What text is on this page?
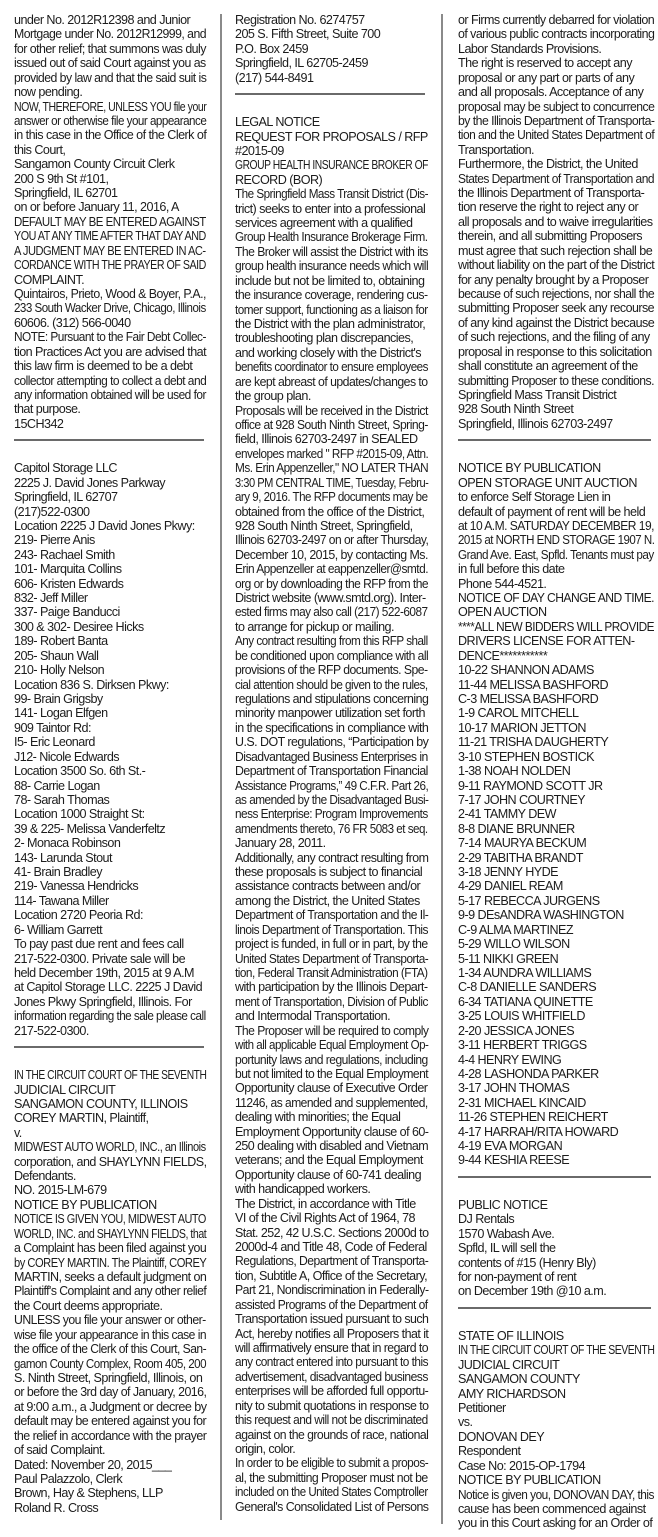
under No. 2012R12398 and Junior
Mortgage under No. 2012R12999, and
for other relief; that summons was duly
issued out of said Court against you as
provided by law and that the said suit is
now pending.
NOW, THEREFORE, UNLESS YOU file your
answer or otherwise file your appearance
in this case in the Office of the Clerk of
this Court,
Sangamon County Circuit Clerk
200 S 9th St #101,
Springfield, IL 62701
on or before January 11, 2016, A
DEFAULT MAY BE ENTERED AGAINST
YOU AT ANY TIME AFTER THAT DAY AND
A JUDGMENT MAY BE ENTERED IN AC-
CORDANCE WITH THE PRAYER OF SAID
COMPLAINT.
Quintairos, Prieto, Wood & Boyer, P.A.,
233 South Wacker Drive, Chicago, Illinois
60606. (312) 566-0040
NOTE: Pursuant to the Fair Debt Collec-
tion Practices Act you are advised that
this law firm is deemed to be a debt
collector attempting to collect a debt and
any information obtained will be used for
that purpose.
15CH342
Capitol Storage LLC
2225 J. David Jones Parkway
Springfield, IL 62707
(217)522-0300
Location 2225 J David Jones Pkwy:
219- Pierre Anis
243- Rachael Smith
101- Marquita Collins
606- Kristen Edwards
832- Jeff Miller
337- Paige Banducci
300 & 302- Desiree Hicks
189- Robert Banta
205- Shaun Wall
210- Holly Nelson
Location 836 S. Dirksen Pkwy:
99- Brain Grigsby
141- Logan Elfgen
909 Taintor Rd:
I5- Eric Leonard
J12- Nicole Edwards
Location 3500 So. 6th St.-
88- Carrie Logan
78- Sarah Thomas
Location 1000 Straight St:
39 & 225- Melissa Vanderfeltz
2- Monaca Robinson
143- Larunda Stout
41- Brain Bradley
219- Vanessa Hendricks
114- Tawana Miller
Location 2720 Peoria Rd:
6- William Garrett
To pay past due rent and fees call
217-522-0300. Private sale will be
held December 19th, 2015 at 9 A.M
at Capitol Storage LLC. 2225 J David
Jones Pkwy Springfield, Illinois. For
information regarding the sale please call
217-522-0300.
IN THE CIRCUIT COURT OF THE SEVENTH
JUDICIAL CIRCUIT
SANGAMON COUNTY, ILLINOIS
COREY MARTIN, Plaintiff,
v.
MIDWEST AUTO WORLD, INC., an Illinois
corporation, and SHAYLYNN FIELDS,
Defendants.
NO. 2015-LM-679
NOTICE BY PUBLICATION
NOTICE IS GIVEN YOU, MIDWEST AUTO
WORLD, INC. and SHAYLYNN FIELDS, that
a Complaint has been filed against you
by COREY MARTIN. The Plaintiff, COREY
MARTIN, seeks a default judgment on
Plaintiff's Complaint and any other relief
the Court deems appropriate.
UNLESS you file your answer or other-
wise file your appearance in this case in
the office of the Clerk of this Court, San-
gamon County Complex, Room 405, 200
S. Ninth Street, Springfield, Illinois, on
or before the 3rd day of January, 2016,
at 9:00 a.m., a Judgment or decree by
default may be entered against you for
the relief in accordance with the prayer
of said Complaint.
Dated: November 20, 2015___
Paul Palazzolo, Clerk
Brown, Hay & Stephens, LLP
Roland R. Cross
Registration No. 6274757
205 S. Fifth Street, Suite 700
P.O. Box 2459
Springfield, IL 62705-2459
(217) 544-8491
LEGAL NOTICE
REQUEST FOR PROPOSALS / RFP
#2015-09
GROUP HEALTH INSURANCE BROKER OF
RECORD (BOR)
The Springfield Mass Transit District (Dis-
trict) seeks to enter into a professional
services agreement with a qualified
Group Health Insurance Brokerage Firm.
The Broker will assist the District with its
group health insurance needs which will
include but not be limited to, obtaining
the insurance coverage, rendering cus-
tomer support, functioning as a liaison for
the District with the plan administrator,
troubleshooting plan discrepancies,
and working closely with the District's
benefits coordinator to ensure employees
are kept abreast of updates/changes to
the group plan.
Proposals will be received in the District
office at 928 South Ninth Street, Spring-
field, Illinois 62703-2497 in SEALED
envelopes marked " RFP #2015-09, Attn.
Ms. Erin Appenzeller," NO LATER THAN
3:30 PM CENTRAL TIME, Tuesday, Febru-
ary 9, 2016. The RFP documents may be
obtained from the office of the District,
928 South Ninth Street, Springfield,
Illinois 62703-2497 on or after Thursday,
December 10, 2015, by contacting Ms.
Erin Appenzeller at eappenzeller@smtd.
org or by downloading the RFP from the
District website (www.smtd.org). Inter-
ested firms may also call (217) 522-6087
to arrange for pickup or mailing.
Any contract resulting from this RFP shall
be conditioned upon compliance with all
provisions of the RFP documents. Spe-
cial attention should be given to the rules,
regulations and stipulations concerning
minority manpower utilization set forth
in the specifications in compliance with
U.S. DOT regulations, “Participation by
Disadvantaged Business Enterprises in
Department of Transportation Financial
Assistance Programs,” 49 C.F.R. Part 26,
as amended by the Disadvantaged Busi-
ness Enterprise: Program Improvements
amendments thereto, 76 FR 5083 et seq.
January 28, 2011.
Additionally, any contract resulting from
these proposals is subject to financial
assistance contracts between and/or
among the District, the United States
Department of Transportation and the Il-
linois Department of Transportation. This
project is funded, in full or in part, by the
United States Department of Transporta-
tion, Federal Transit Administration (FTA)
with participation by the Illinois Depart-
ment of Transportation, Division of Public
and Intermodal Transportation.
The Proposer will be required to comply
with all applicable Equal Employment Op-
portunity laws and regulations, including
but not limited to the Equal Employment
Opportunity clause of Executive Order
11246, as amended and supplemented,
dealing with minorities; the Equal
Employment Opportunity clause of 60-
250 dealing with disabled and Vietnam
veterans; and the Equal Employment
Opportunity clause of 60-741 dealing
with handicapped workers.
The District, in accordance with Title
VI of the Civil Rights Act of 1964, 78
Stat. 252, 42 U.S.C. Sections 2000d to
2000d-4 and Title 48, Code of Federal
Regulations, Department of Transporta-
tion, Subtitle A, Office of the Secretary,
Part 21, Nondiscrimination in Federally-
assisted Programs of the Department of
Transportation issued pursuant to such
Act, hereby notifies all Proposers that it
will affirmatively ensure that in regard to
any contract entered into pursuant to this
advertisement, disadvantaged business
enterprises will be afforded full opportu-
nity to submit quotations in response to
this request and will not be discriminated
against on the grounds of race, national
origin, color.
In order to be eligible to submit a propos-
al, the submitting Proposer must not be
included on the United States Comptroller
General's Consolidated List of Persons
or Firms currently debarred for violation
of various public contracts incorporating
Labor Standards Provisions.
The right is reserved to accept any
proposal or any part or parts of any
and all proposals. Acceptance of any
proposal may be subject to concurrence
by the Illinois Department of Transporta-
tion and the United States Department of
Transportation.
Furthermore, the District, the United
States Department of Transportation and
the Illinois Department of Transporta-
tion reserve the right to reject any or
all proposals and to waive irregularities
therein, and all submitting Proposers
must agree that such rejection shall be
without liability on the part of the District
for any penalty brought by a Proposer
because of such rejections, nor shall the
submitting Proposer seek any recourse
of any kind against the District because
of such rejections, and the filing of any
proposal in response to this solicitation
shall constitute an agreement of the
submitting Proposer to these conditions.
Springfield Mass Transit District
928 South Ninth Street
Springfield, Illinois 62703-2497
NOTICE BY PUBLICATION
OPEN STORAGE UNIT AUCTION
to enforce Self Storage Lien in
default of payment of rent will be held
at 10 A.M. SATURDAY DECEMBER 19,
2015 at NORTH END STORAGE 1907 N.
Grand Ave. East, Spfld. Tenants must pay
in full before this date
Phone 544-4521.
NOTICE OF DAY CHANGE AND TIME.
OPEN AUCTION
****ALL NEW BIDDERS WILL PROVIDE
DRIVERS LICENSE FOR ATTEN-
DENCE***********
10-22 SHANNON ADAMS
11-44 MELISSA BASHFORD
C-3 MELISSA BASHFORD
1-9 CAROL MITCHELL
10-17 MARION JETTON
11-21 TRISHA DAUGHERTY
3-10 STEPHEN BOSTICK
1-38 NOAH NOLDEN
9-11 RAYMOND SCOTT JR
7-17 JOHN COURTNEY
2-41 TAMMY DEW
8-8 DIANE BRUNNER
7-14 MAURYA BECKUM
2-29 TABITHA BRANDT
3-18 JENNY HYDE
4-29 DANIEL REAM
5-17 REBECCA JURGENS
9-9 DEsANDRA WASHINGTON
C-9 ALMA MARTINEZ
5-29 WILLO WILSON
5-11 NIKKI GREEN
1-34 AUNDRA WILLIAMS
C-8 DANIELLE SANDERS
6-34 TATIANA QUINETTE
3-25 LOUIS WHITFIELD
2-20 JESSICA JONES
3-11 HERBERT TRIGGS
4-4 HENRY EWING
4-28 LASHONDA PARKER
3-17 JOHN THOMAS
2-31 MICHAEL KINCAID
11-26 STEPHEN REICHERT
4-17 HARRAH/RITA HOWARD
4-19 EVA MORGAN
9-44 KESHIA REESE
PUBLIC NOTICE
DJ Rentals
1570 Wabash Ave.
Spfld, IL will sell the
contents of #15 (Henry Bly)
for non-payment of rent
on December 19th @10 a.m.
STATE OF ILLINOIS
IN THE CIRCUIT COURT OF THE SEVENTH
JUDICIAL CIRCUIT
SANGAMON COUNTY
AMY RICHARDSON
Petitioner
vs.
DONOVAN DEY
Respondent
Case No: 2015-OP-1794
NOTICE BY PUBLICATION
Notice is given you, DONOVAN DAY, this
cause has been commenced against
you in this Court asking for an Order of
